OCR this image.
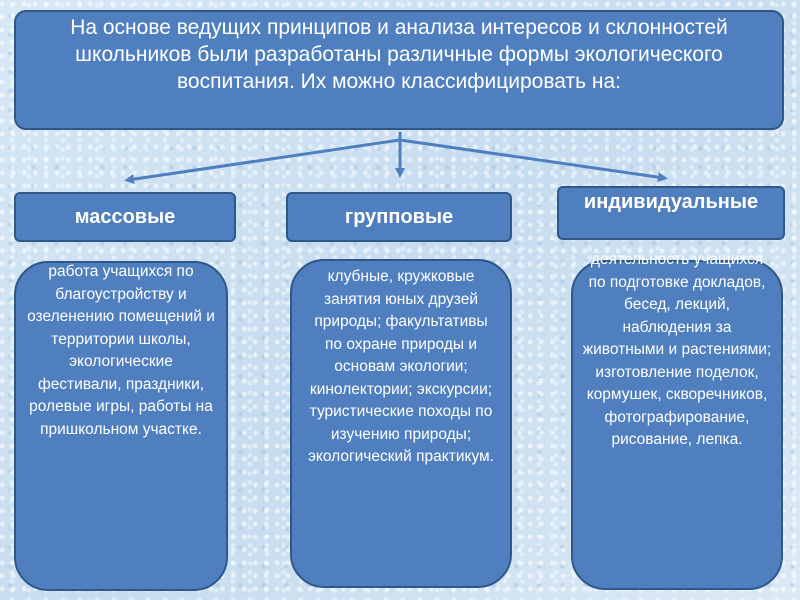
На основе ведущих принципов и анализа интересов и склонностей школьников были разработаны различные формы экологического воспитания. Их можно классифицировать на:
массовые	групповые
индивидуальные
работа учащихся по благоустройству и озеленению помещений и территории школы, экологические фестивали, праздники, ролевые игры, работы на пришкольном участке.
клубные, кружковые занятия юных друзей природы; факультативы по охране природы и основам экологии; кинолектории; экскурсии; туристические походы по изучению природы; экологический практикум.
деятельность учащихся по подготовке докладов, бесед, лекций, наблюдения за животными и растениями; изготовление поделок, кормушек, скворечников, фотографирование, рисование, лепка.
